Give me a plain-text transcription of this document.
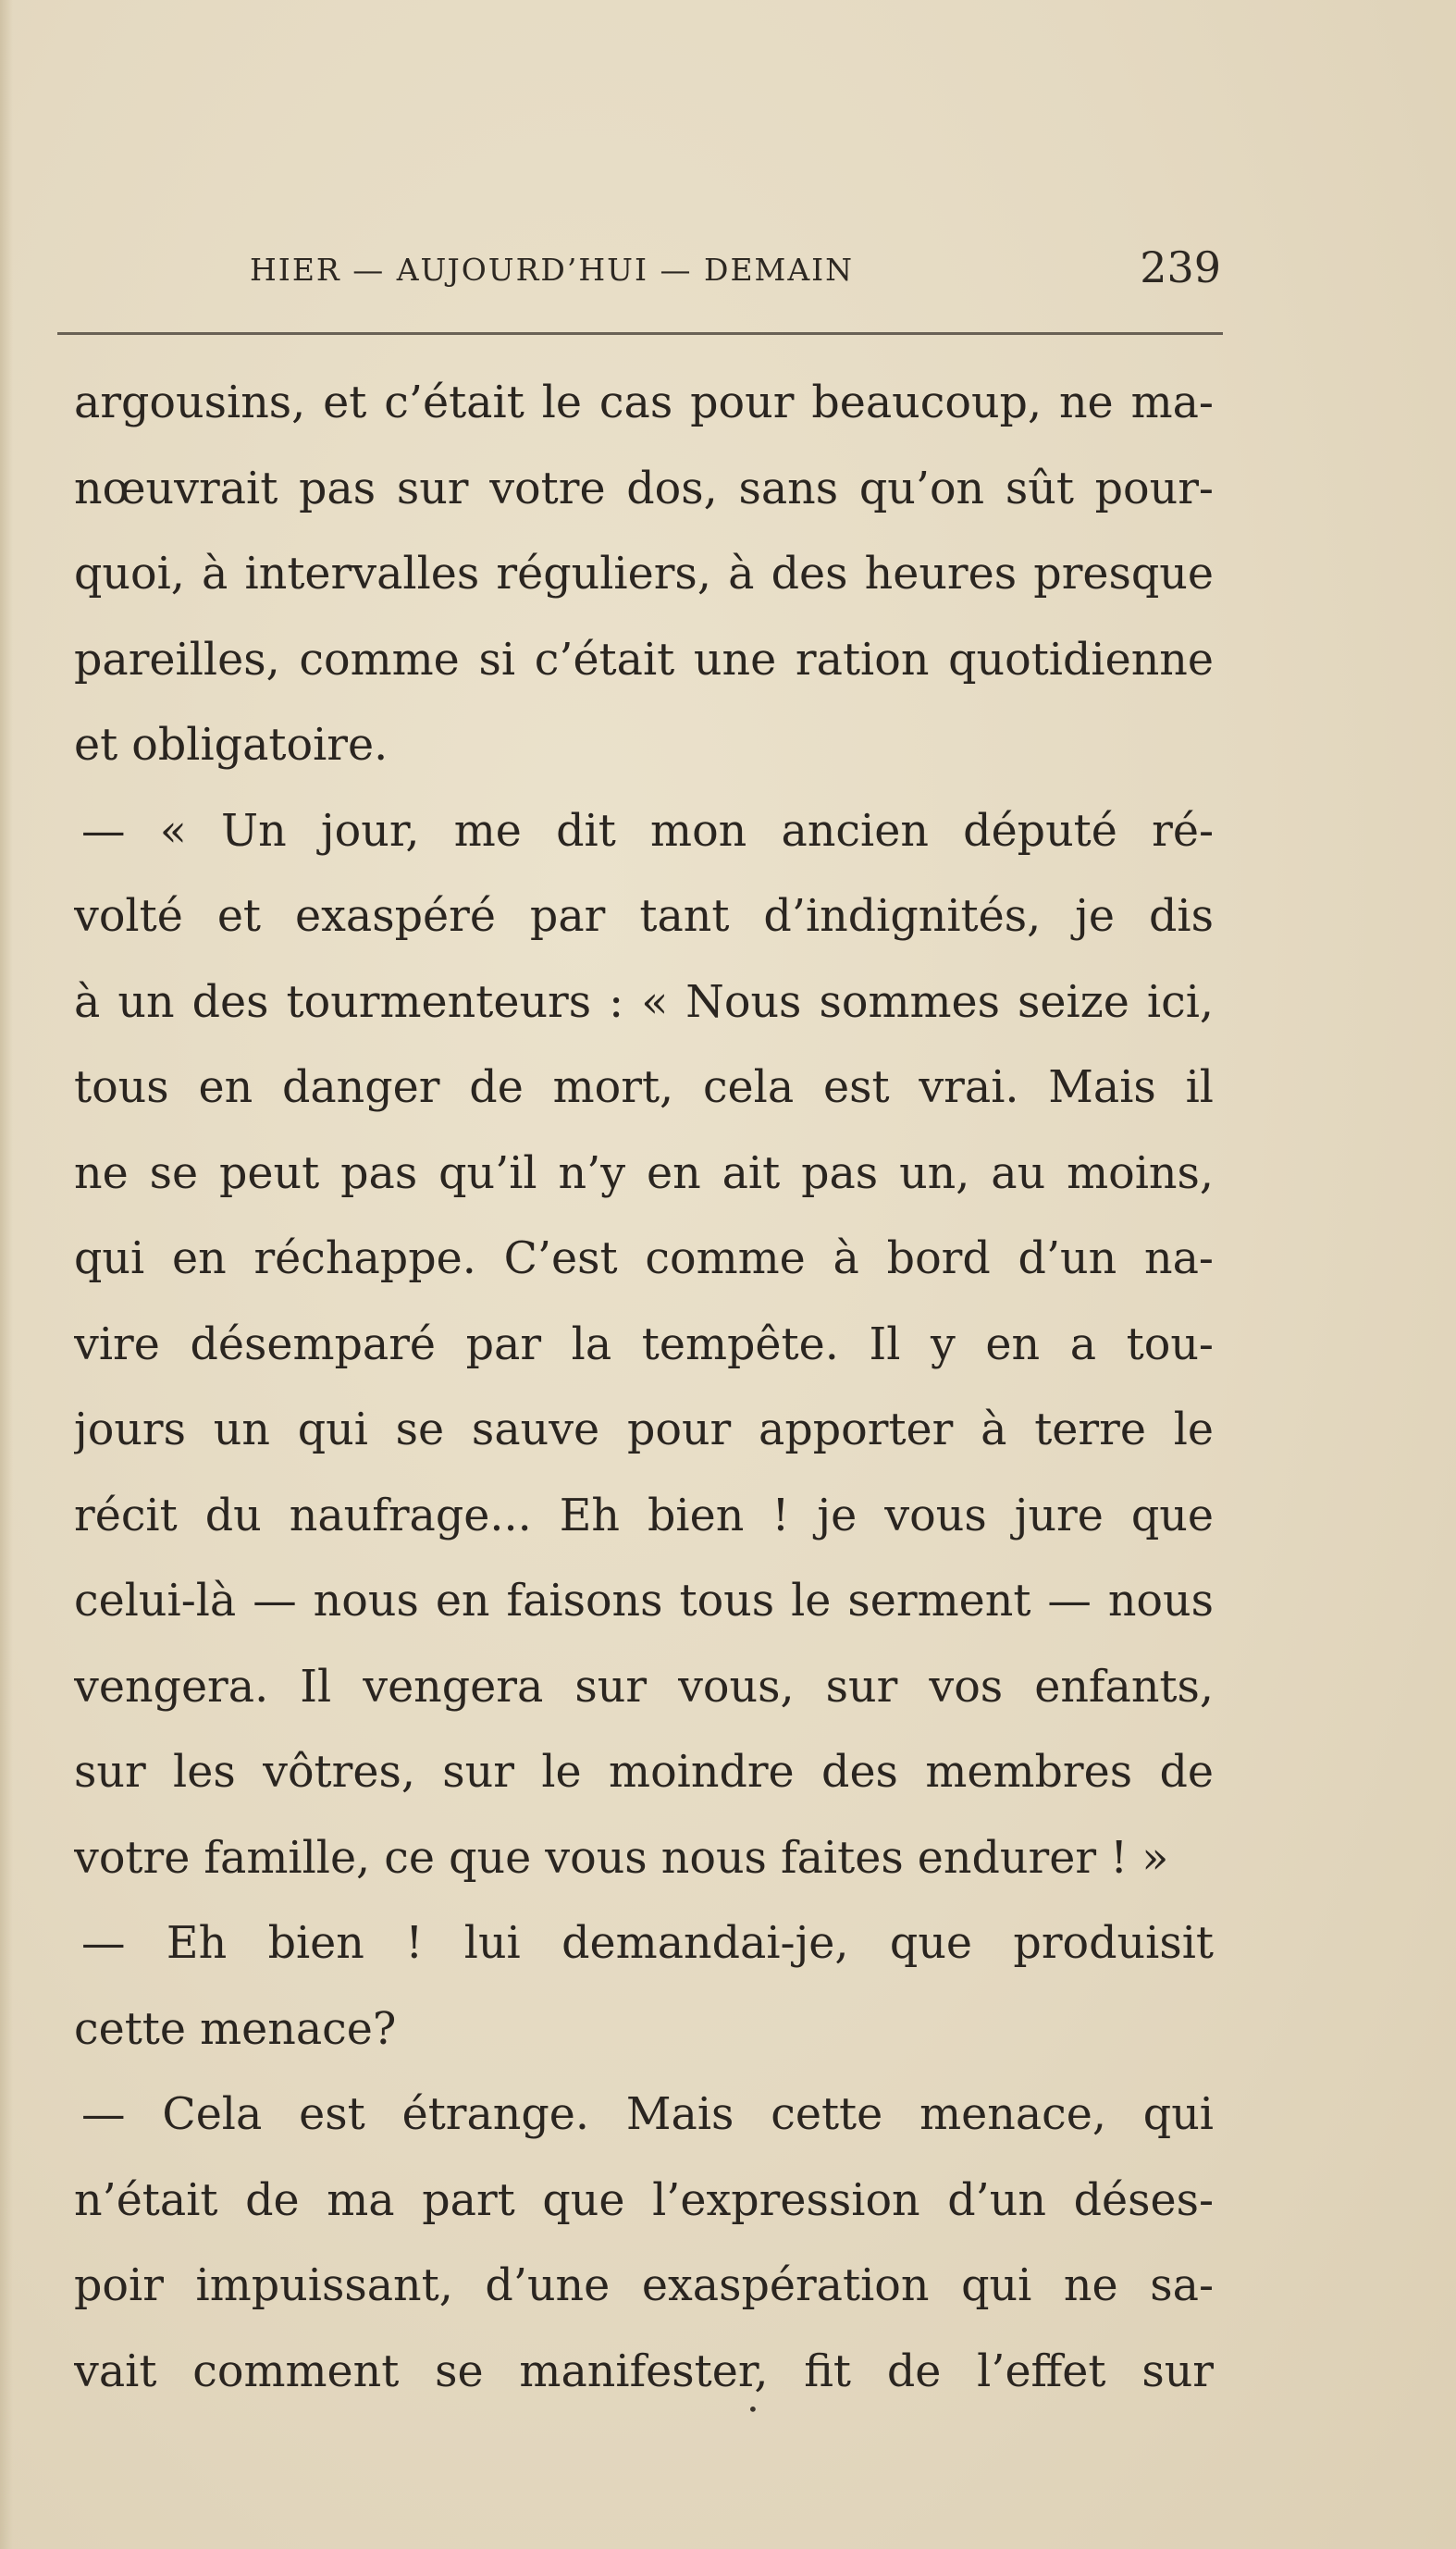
HIER — AUJOURD’HUI — DEMAIN	239
argousins, et c’était le cas pour beaucoup, ne ma-
nœuvrait pas sur votre dos, sans qu’on sût pour-
quoi, à intervalles réguliers, à des heures presque
pareilles, comme si c’était une ration quotidienne
et obligatoire.
— « Un jour, me dit mon ancien député ré-
volté et exaspéré par tant d’indignités, je dis
à un des tourmenteurs : « Nous sommes seize ici,
tous en danger de mort, cela est vrai. Mais il
ne se peut pas qu’il n’y en ait pas un, au moins,
qui en réchappe. C’est comme à bord d’un na-
vire désemparé par la tempête. Il y en a tou-
jours un qui se sauve pour apporter à terre le
récit du naufrage... Eh bien ! je vous jure que
celui-là — nous en faisons tous le serment — nous
vengera. Il vengera sur vous, sur vos enfants,
sur les vôtres, sur le moindre des membres de
votre famille, ce que vous nous faites endurer ! »
— Eh bien ! lui demandai-je, que produisit
cette menace?
— Cela est étrange. Mais cette menace, qui
n’était de ma part que l’expression d’un déses-
poir impuissant, d’une exaspération qui ne sa-
vait comment se manifester, fit de l’effet sur
•
